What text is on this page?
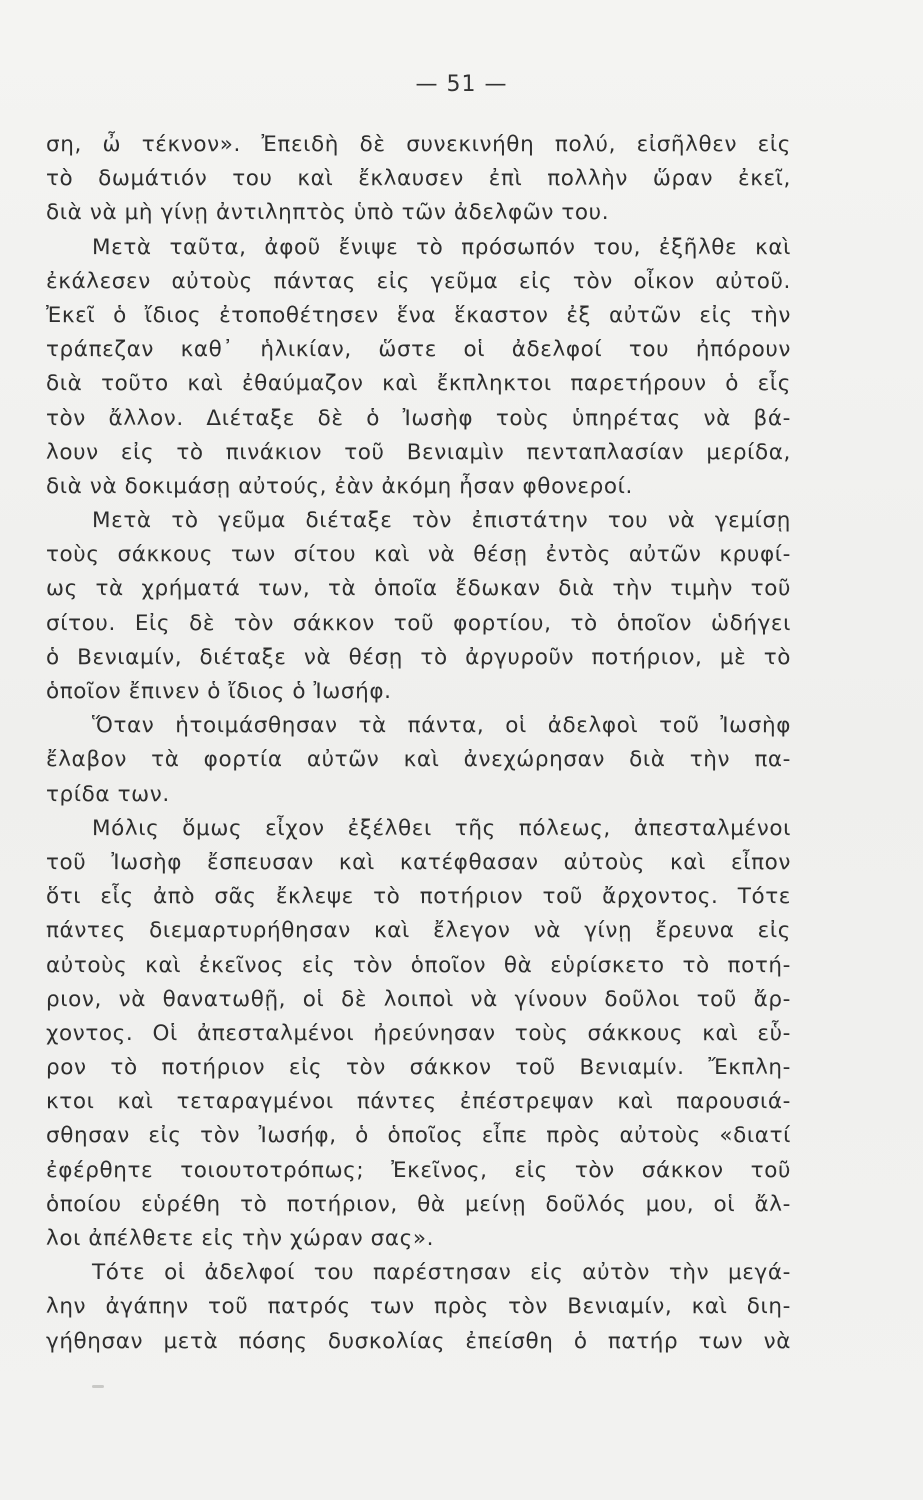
— 51 —
ση, ὦ τέκνον». Ἐπειδὴ δὲ συνεκινήθη πολύ, εἰσῆλθεν εἰς
τὸ δωμάτιόν του καὶ ἔκλαυσεν ἐπὶ πολλὴν ὥραν ἐκεῖ,
διὰ νὰ μὴ γίνῃ ἀντιληπτὸς ὑπὸ τῶν ἀδελφῶν του.
Μετὰ ταῦτα, ἀφοῦ ἔνιψε τὸ πρόσωπόν του, ἐξῆλθε καὶ
ἐκάλεσεν αὐτοὺς πάντας εἰς γεῦμα εἰς τὸν οἶκον αὐτοῦ.
Ἐκεῖ ὁ ἴδιος ἐτοποθέτησεν ἕνα ἕκαστον ἐξ αὐτῶν εἰς τὴν
τράπεζαν καθ᾽ ἡλικίαν, ὥστε οἱ ἀδελφοί του ἠπόρουν
διὰ τοῦτο καὶ ἐθαύμαζον καὶ ἔκπληκτοι παρετήρουν ὁ εἷς
τὸν ἄλλον. Διέταξε δὲ ὁ Ἰωσὴφ τοὺς ὑπηρέτας νὰ βά-
λουν εἰς τὸ πινάκιον τοῦ Βενιαμὶν πενταπλασίαν μερίδα,
διὰ νὰ δοκιμάσῃ αὐτούς, ἐὰν ἀκόμη ἦσαν φθονεροί.
Μετὰ τὸ γεῦμα διέταξε τὸν ἐπιστάτην του νὰ γεμίσῃ
τοὺς σάκκους των σίτου καὶ νὰ θέσῃ ἐντὸς αὐτῶν κρυφί-
ως τὰ χρήματά των, τὰ ὁποῖα ἔδωκαν διὰ τὴν τιμὴν τοῦ
σίτου. Εἰς δὲ τὸν σάκκον τοῦ φορτίου, τὸ ὁποῖον ὡδήγει
ὁ Βενιαμίν, διέταξε νὰ θέσῃ τὸ ἀργυροῦν ποτήριον, μὲ τὸ
ὁποῖον ἔπινεν ὁ ἴδιος ὁ Ἰωσήφ.
Ὅταν ἡτοιμάσθησαν τὰ πάντα, οἱ ἀδελφοὶ τοῦ Ἰωσὴφ
ἔλαβον τὰ φορτία αὐτῶν καὶ ἀνεχώρησαν διὰ τὴν πα-
τρίδα των.
Μόλις ὅμως εἶχον ἐξέλθει τῆς πόλεως, ἀπεσταλμένοι
τοῦ Ἰωσὴφ ἔσπευσαν καὶ κατέφθασαν αὐτοὺς καὶ εἶπον
ὅτι εἷς ἀπὸ σᾶς ἔκλεψε τὸ ποτήριον τοῦ ἄρχοντος. Τότε
πάντες διεμαρτυρήθησαν καὶ ἔλεγον νὰ γίνῃ ἔρευνα εἰς
αὐτοὺς καὶ ἐκεῖνος εἰς τὸν ὁποῖον θὰ εὑρίσκετο τὸ ποτή-
ριον, νὰ θανατωθῇ, οἱ δὲ λοιποὶ νὰ γίνουν δοῦλοι τοῦ ἄρ-
χοντος. Οἱ ἀπεσταλμένοι ἠρεύνησαν τοὺς σάκκους καὶ εὗ-
ρον τὸ ποτήριον εἰς τὸν σάκκον τοῦ Βενιαμίν. Ἔκπλη-
κτοι καὶ τεταραγμένοι πάντες ἐπέστρεψαν καὶ παρουσιά-
σθησαν εἰς τὸν Ἰωσήφ, ὁ ὁποῖος εἶπε πρὸς αὐτοὺς «διατί
ἐφέρθητε τοιουτοτρόπως; Ἐκεῖνος, εἰς τὸν σάκκον τοῦ
ὁποίου εὑρέθη τὸ ποτήριον, θὰ μείνῃ δοῦλός μου, οἱ ἄλ-
λοι ἀπέλθετε εἰς τὴν χώραν σας».
Τότε οἱ ἀδελφοί του παρέστησαν εἰς αὐτὸν τὴν μεγά-
λην ἀγάπην τοῦ πατρός των πρὸς τὸν Βενιαμίν, καὶ διη-
γήθησαν μετὰ πόσης δυσκολίας ἐπείσθη ὁ πατήρ των νὰ
